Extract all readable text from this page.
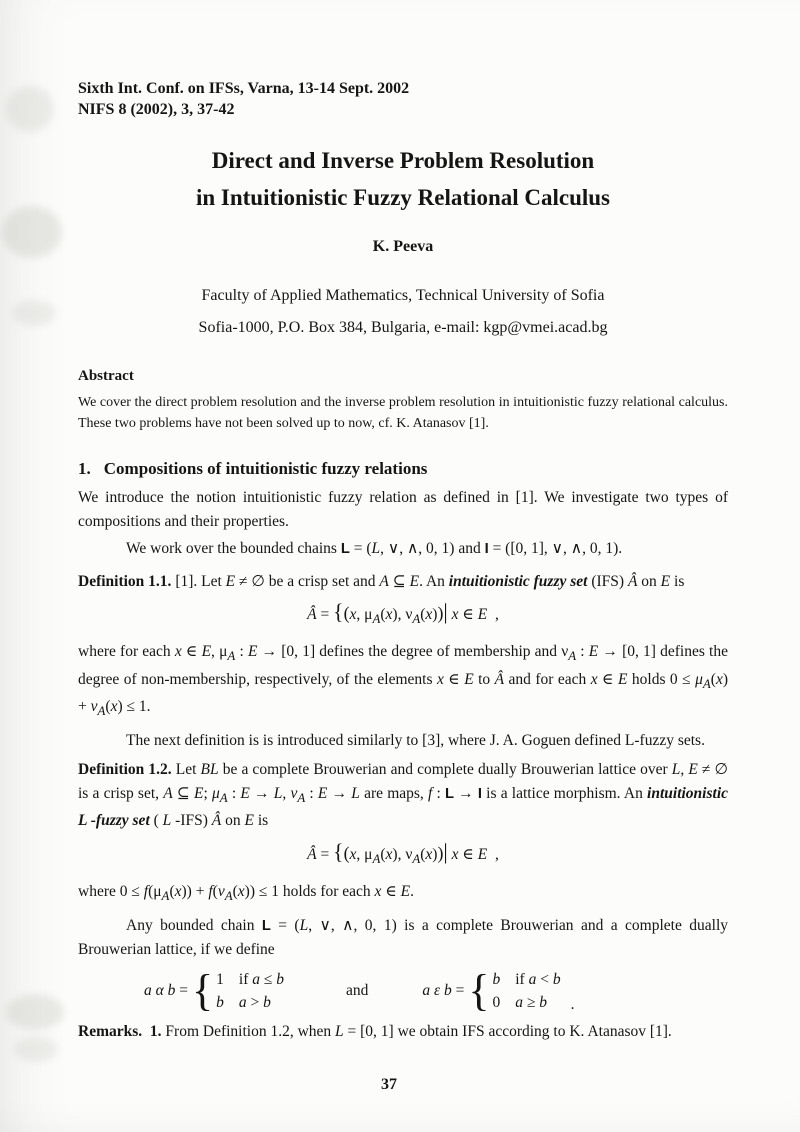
Sixth Int. Conf. on IFSs, Varna, 13-14 Sept. 2002
NIFS 8 (2002), 3, 37-42
Direct and Inverse Problem Resolution
in Intuitionistic Fuzzy Relational Calculus
K. Peeva
Faculty of Applied Mathematics, Technical University of Sofia
Sofia-1000, P.O. Box 384, Bulgaria, e-mail: kgp@vmei.acad.bg
Abstract

We cover the direct problem resolution and the inverse problem resolution in intuitionistic fuzzy relational calculus. These two problems have not been solved up to now, cf. K. Atanasov [1].

1. Compositions of intuitionistic fuzzy relations

We introduce the notion intuitionistic fuzzy relation as defined in [1]. We investigate two types of compositions and their properties.

We work over the bounded chains L = (L, ∨, ∧, 0, 1) and I = ([0, 1], ∨, ∧, 0, 1).

Definition 1.1. [1]. Let E ≠ ∅ be a crisp set and A ⊆ E. An intuitionistic fuzzy set (IFS) Â on E is

Â = {(x, $\mu_A(x)$, $\nu_A(x))|$ x ∈ E  ,

where for each x ∈ E, $\mu_A$ : E → [0, 1] defines the degree of membership and $\nu_A$ : E → [0, 1] defines the degree of non-membership, respectively, of the elements x ∈ E to Â and for each x ∈ E holds $0 \le \mu_A(x) + \nu_A(x) \le 1$.

The next definition is is introduced similarly to [3], where J. A. Goguen defined L-fuzzy sets.

Definition 1.2. Let BL be a complete Brouwerian and complete dually Brouwerian lattice over L, E ≠ ∅ is a crisp set, A ⊆ E; $\mu_A$ : E → L, $\nu_A$ : E → L are maps, f : L → I is a lattice morphism. An intuitionistic L -fuzzy set ( L -IFS) Â on E is

Â = {(x, $\mu_A(x)$, $\nu_A(x))|$ x ∈ E  ,

where $0 \le f(\mu_A(x)) + f(\nu_A(x)) \le 1$ holds for each x ∈ E.

Any bounded chain L = (L, ∨, ∧, 0, 1) is a complete Brouwerian and a complete dually Brouwerian lattice, if we define

a α b = { 1 if a ≤ b
b a > b
and	a ε b = { b if a < b
0 a ≥ b	.

Remarks.  1. From Definition 1.2, when L = [0, 1] we obtain IFS according to K. Atanasov [1].

37
